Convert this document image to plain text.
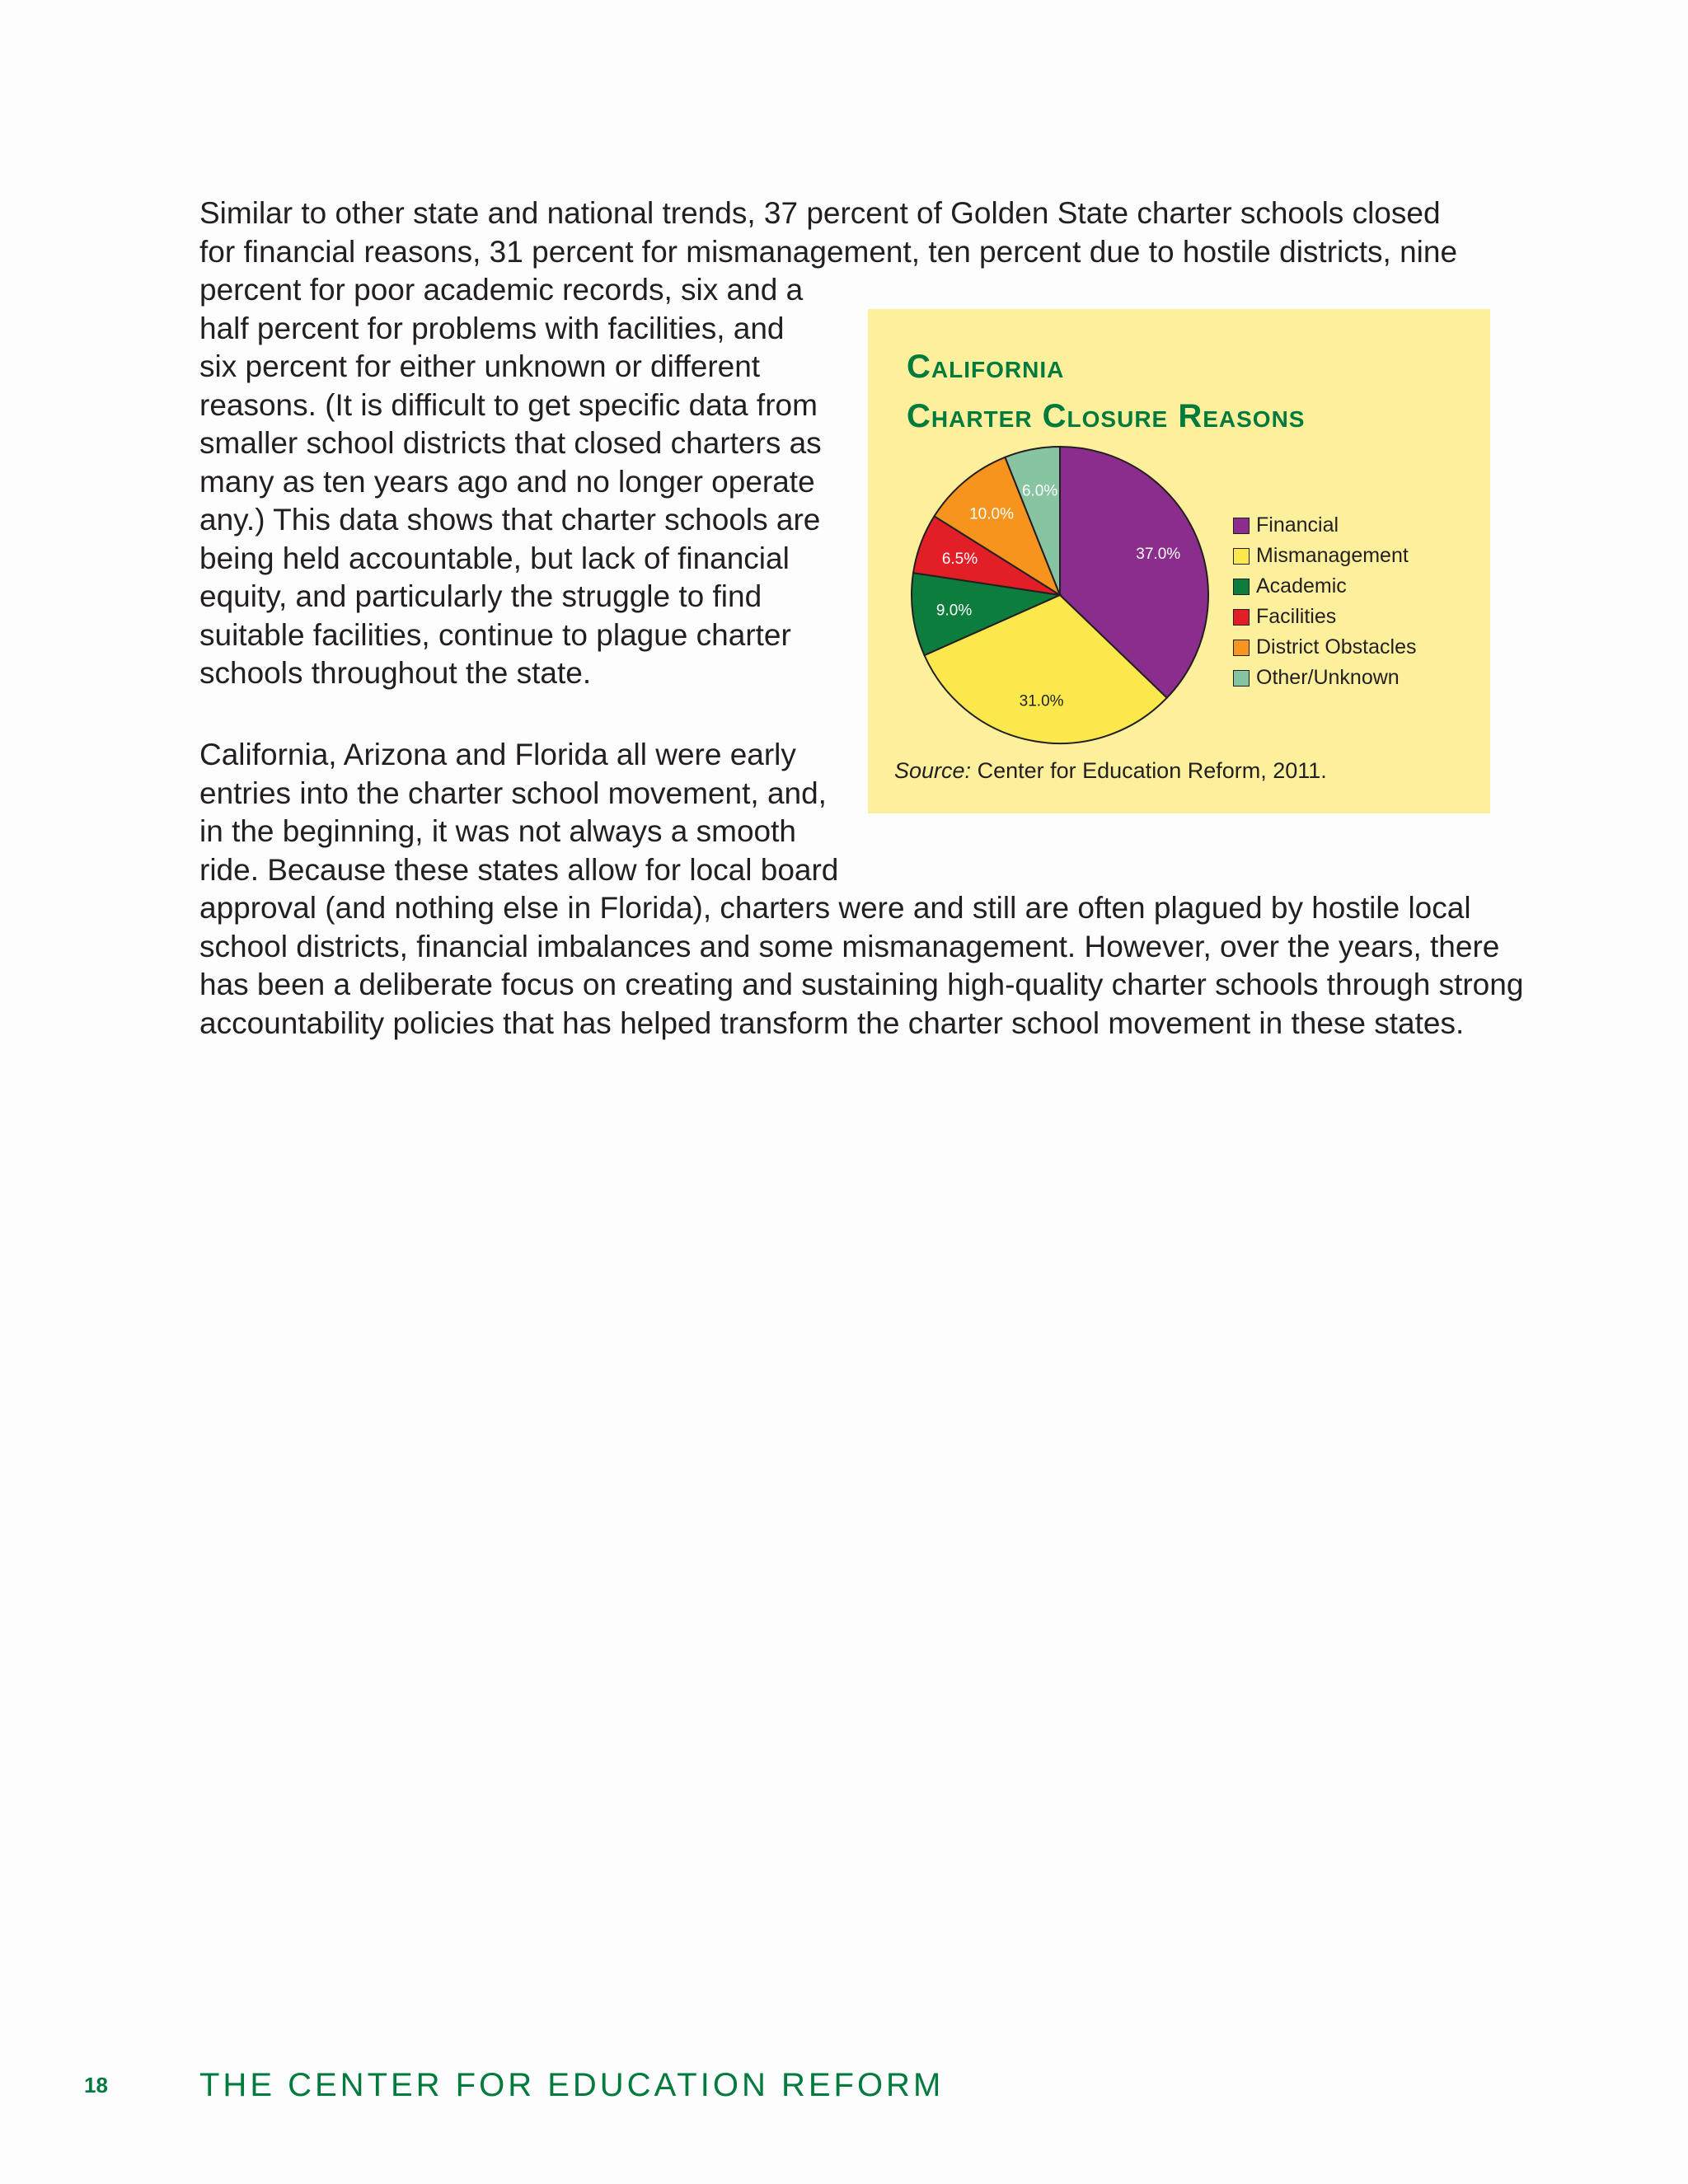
Similar to other state and national trends, 37 percent of Golden State charter schools closed
for financial reasons, 31 percent for mismanagement, ten percent due to hostile districts, nine
percent for poor academic records, six and a
half percent for problems with facilities, and
six percent for either unknown or different
reasons. (It is difficult to get specific data from
smaller school districts that closed charters as
many as ten years ago and no longer operate
any.) This data shows that charter schools are
being held accountable, but lack of financial
equity, and particularly the struggle to find
suitable facilities, continue to plague charter
schools throughout the state.
California, Arizona and Florida all were early
entries into the charter school movement, and,
in the beginning, it was not always a smooth
ride. Because these states allow for local board
approval (and nothing else in Florida), charters were and still are often plagued by hostile local
school districts, financial imbalances and some mismanagement. However, over the years, there
has been a deliberate focus on creating and sustaining high-quality charter schools through strong
accountability policies that has helped transform the charter school movement in these states.
California
Charter Closure Reasons
37.0%
31.0%
9.0%
6.5%
10.0%
6.0%
Financial
Mismanagement
Academic
Facilities
District Obstacles
Other/Unknown
Source: Center for Education Reform, 2011.
18	THE CENTER FOR EDUCATION REFORM
